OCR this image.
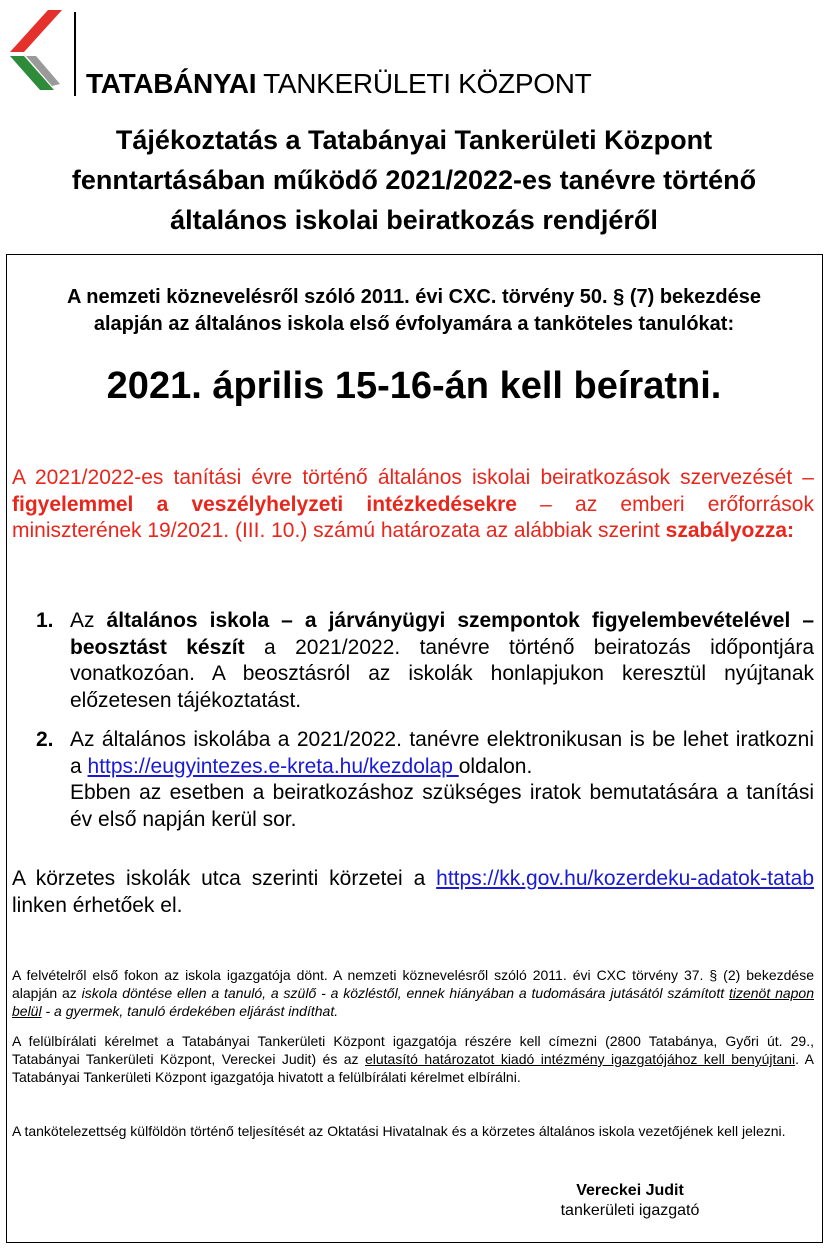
TATABÁNYAI TANKERÜLETI KÖZPONT
Tájékoztatás a Tatabányai Tankerületi Központ
fenntartásában működő 2021/2022-es tanévre történő
általános iskolai beiratkozás rendjéről
A nemzeti köznevelésről szóló 2011. évi CXC. törvény 50. § (7) bekezdése
alapján az általános iskola első évfolyamára a tanköteles tanulókat:
2021. április 15-16-án kell beíratni.
A 2021/2022-es tanítási évre történő általános iskolai beiratkozások szervezését – figyelemmel a veszélyhelyzeti intézkedésekre – az emberi erőforrások miniszterének 19/2021. (III. 10.) számú határozata az alábbiak szerint szabályozza:
1. Az általános iskola – a járványügyi szempontok figyelembevételével – beosztást készít a 2021/2022. tanévre történő beiratozás időpontjára vonatkozóan. A beosztásról az iskolák honlapjukon keresztül nyújtanak előzetesen tájékoztatást.
2. Az általános iskolába a 2021/2022. tanévre elektronikusan is be lehet iratkozni a https://eugyintezes.e-kreta.hu/kezdolap oldalon.
Ebben az esetben a beiratkozáshoz szükséges iratok bemutatására a tanítási év első napján kerül sor.
A körzetes iskolák utca szerinti körzetei a https://kk.gov.hu/kozerdeku-adatok-tatab linken érhetőek el.
A felvételről első fokon az iskola igazgatója dönt. A nemzeti köznevelésről szóló 2011. évi CXC törvény 37. § (2) bekezdése alapján az iskola döntése ellen a tanuló, a szülő - a közléstől, ennek hiányában a tudomására jutásától számított tizenöt napon belül - a gyermek, tanuló érdekében eljárást indíthat.
A felülbírálati kérelmet a Tatabányai Tankerületi Központ igazgatója részére kell címezni (2800 Tatabánya, Győri út. 29., Tatabányai Tankerületi Központ, Vereckei Judit) és az elutasító határozatot kiadó intézmény igazgatójához kell benyújtani. A Tatabányai Tankerületi Központ igazgatója hivatott a felülbírálati kérelmet elbírálni.
A tankötelezettség külföldön történő teljesítését az Oktatási Hivatalnak és a körzetes általános iskola vezetőjének kell jelezni.
Vereckei Judit
tankerületi igazgató
